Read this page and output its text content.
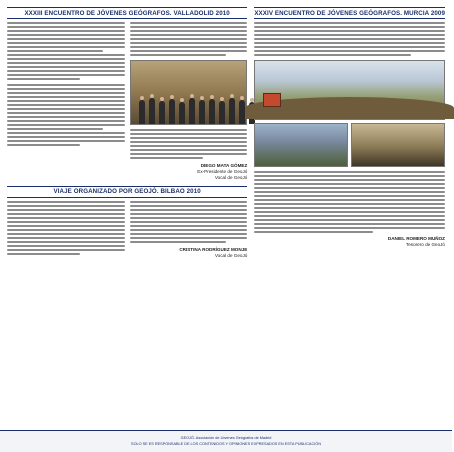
XXXIII ENCUENTRO DE JÓVENES GEÓGRAFOS. VALLADOLID 2010
DIEGO MATA GÓMEZ
Ex-Presidente de GeoJó
Vocal de GeoJó
VIAJE ORGANIZADO POR GEOJÓ. BILBAO 2010
CRISTINA RODRÍGUEZ MONJE
Vocal de GeoJó
XXXIV ENCUENTRO DE JÓVENES GEÓGRAFOS. MURCIA 2009
DANIEL ROMERO MUÑOZ
Tesorero de GeoJó
GEOJÓ. Asociación de Jóvenes Geógrafos de Madrid
SOLO SE ES RESPONSABLE DE LOS CONTENIDOS Y OPINIONES EXPRESADOS EN ESTA PUBLICACIÓN
